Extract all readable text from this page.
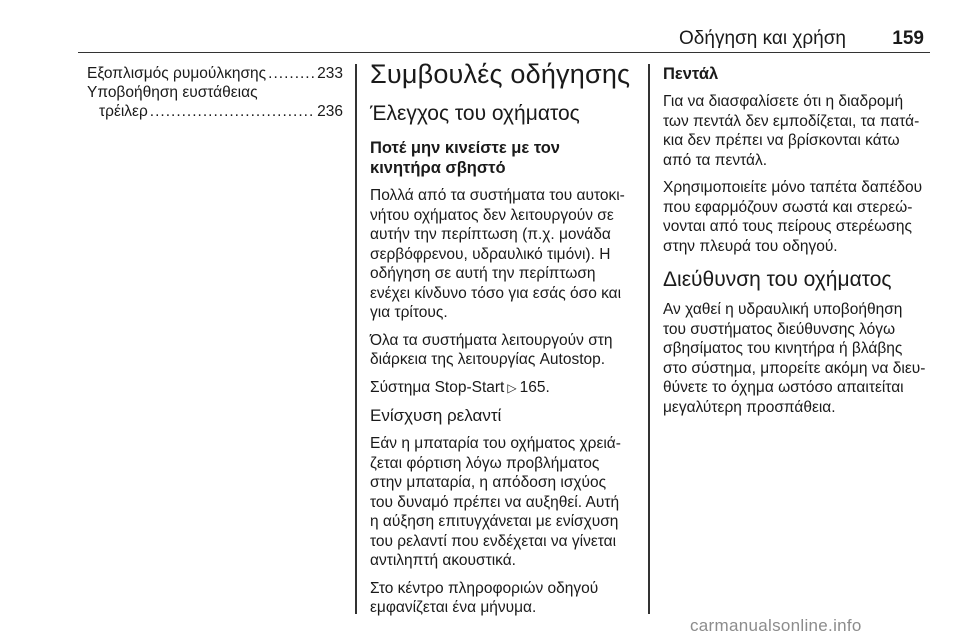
Οδήγηση και χρήση 159
Εξοπλισμός ρυμούλκησης .....	233
Υποβοήθηση ευστάθειας
τρέιλερ .....	236
Συμβουλές οδήγησης
Έλεγχος του οχήματος
Ποτέ μην κινείστε με τον κινητήρα σβηστό

Πολλά από τα συστήματα του αυτοκι-
νήτου οχήματος δεν λειτουργούν σε
αυτήν την περίπτωση (π.χ. μονάδα
σερβόφρενου, υδραυλικό τιμόνι). Η
οδήγηση σε αυτή την περίπτωση
ενέχει κίνδυνο τόσο για εσάς όσο και
για τρίτους.

Όλα τα συστήματα λειτουργούν στη
διάρκεια της λειτουργίας Autostop.

Σύστημα Stop-Start ▷ 165.

Ενίσχυση ρελαντί

Εάν η μπαταρία του οχήματος χρειά-
ζεται φόρτιση λόγω προβλήματος
στην μπαταρία, η απόδοση ισχύος
του δυναμό πρέπει να αυξηθεί. Αυτή
η αύξηση επιτυγχάνεται με ενίσχυση
του ρελαντί που ενδέχεται να γίνεται
αντιληπτή ακουστικά.

Στο κέντρο πληροφοριών οδηγού
εμφανίζεται ένα μήνυμα.

Πεντάλ

Για να διασφαλίσετε ότι η διαδρομή
των πεντάλ δεν εμποδίζεται, τα πατά-
κια δεν πρέπει να βρίσκονται κάτω
από τα πεντάλ.

Χρησιμοποιείτε μόνο ταπέτα δαπέδου
που εφαρμόζουν σωστά και στερεώ-
νονται από τους πείρους στερέωσης
στην πλευρά του οδηγού.

Διεύθυνση του οχήματος

Αν χαθεί η υδραυλική υποβοήθηση
του συστήματος διεύθυνσης λόγω
σβησίματος του κινητήρα ή βλάβης
στο σύστημα, μπορείτε ακόμη να διευ-
θύνετε το όχημα ωστόσο απαιτείται
μεγαλύτερη προσπάθεια.

carmanualsonline.info
